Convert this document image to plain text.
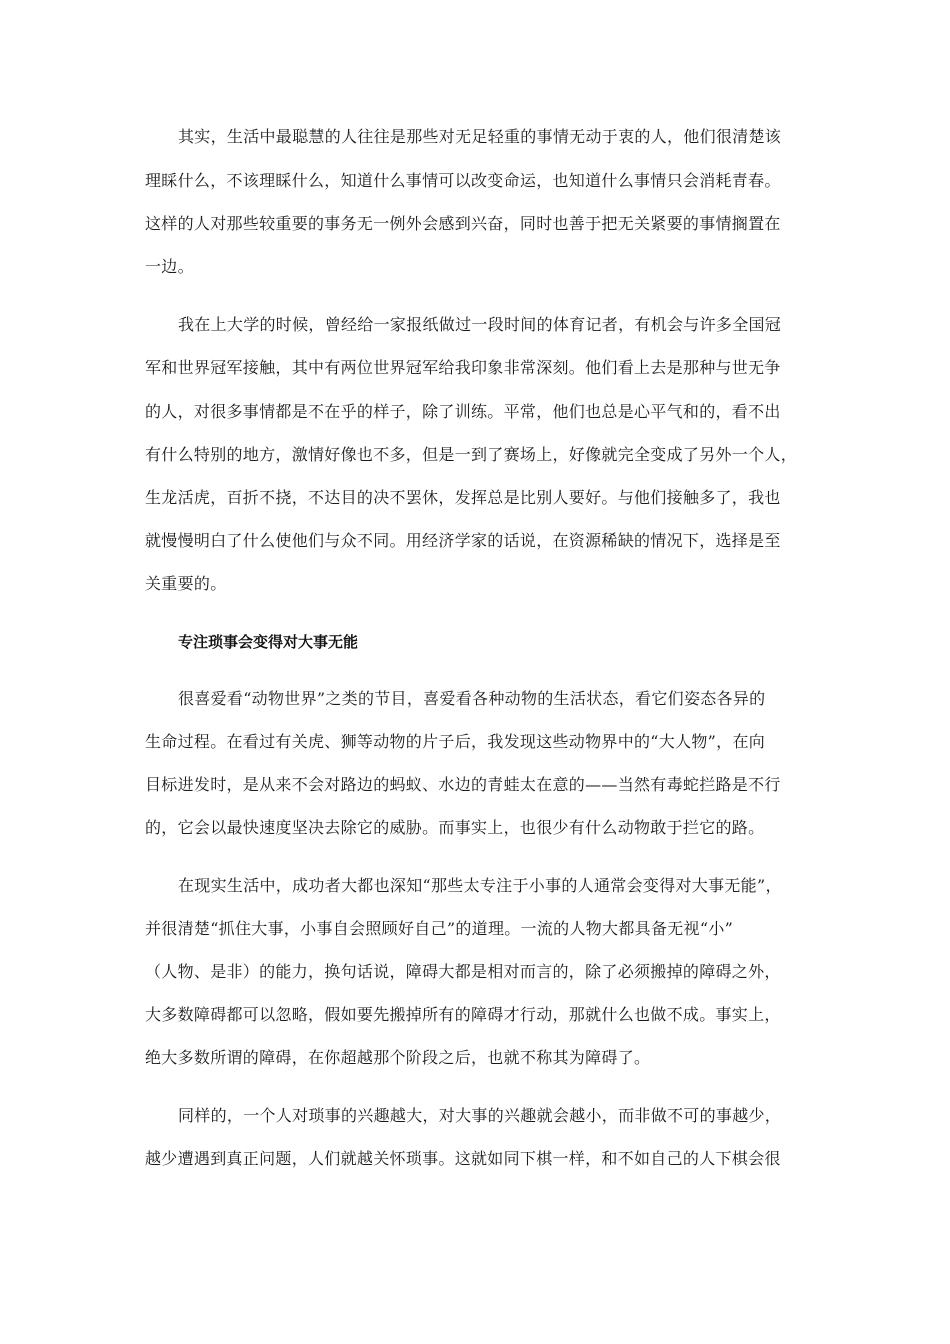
其实，生活中最聪慧的人往往是那些对无足轻重的事情无动于衷的人，他们很清楚该
理睬什么，不该理睬什么，知道什么事情可以改变命运，也知道什么事情只会消耗青春。
这样的人对那些较重要的事务无一例外会感到兴奋，同时也善于把无关紧要的事情搁置在
一边。
我在上大学的时候，曾经给一家报纸做过一段时间的体育记者，有机会与许多全国冠
军和世界冠军接触，其中有两位世界冠军给我印象非常深刻。他们看上去是那种与世无争
的人，对很多事情都是不在乎的样子，除了训练。平常，他们也总是心平气和的，看不出
有什么特别的地方，激情好像也不多，但是一到了赛场上，好像就完全变成了另外一个人，
生龙活虎，百折不挠，不达目的决不罢休，发挥总是比别人要好。与他们接触多了，我也
就慢慢明白了什么使他们与众不同。用经济学家的话说，在资源稀缺的情况下，选择是至
关重要的。
专注琐事会变得对大事无能
很喜爱看“动物世界”之类的节目，喜爱看各种动物的生活状态，看它们姿态各异的
生命过程。在看过有关虎、狮等动物的片子后，我发现这些动物界中的“大人物”，在向
目标进发时，是从来不会对路边的蚂蚁、水边的青蛙太在意的——当然有毒蛇拦路是不行
的，它会以最快速度坚决去除它的威胁。而事实上，也很少有什么动物敢于拦它的路。
在现实生活中，成功者大都也深知“那些太专注于小事的人通常会变得对大事无能”，
并很清楚“抓住大事，小事自会照顾好自己”的道理。一流的人物大都具备无视“小”
（人物、是非）的能力，换句话说，障碍大都是相对而言的，除了必须搬掉的障碍之外，
大多数障碍都可以忽略，假如要先搬掉所有的障碍才行动，那就什么也做不成。事实上，
绝大多数所谓的障碍，在你超越那个阶段之后，也就不称其为障碍了。
同样的，一个人对琐事的兴趣越大，对大事的兴趣就会越小，而非做不可的事越少，
越少遭遇到真正问题，人们就越关怀琐事。这就如同下棋一样，和不如自己的人下棋会很
